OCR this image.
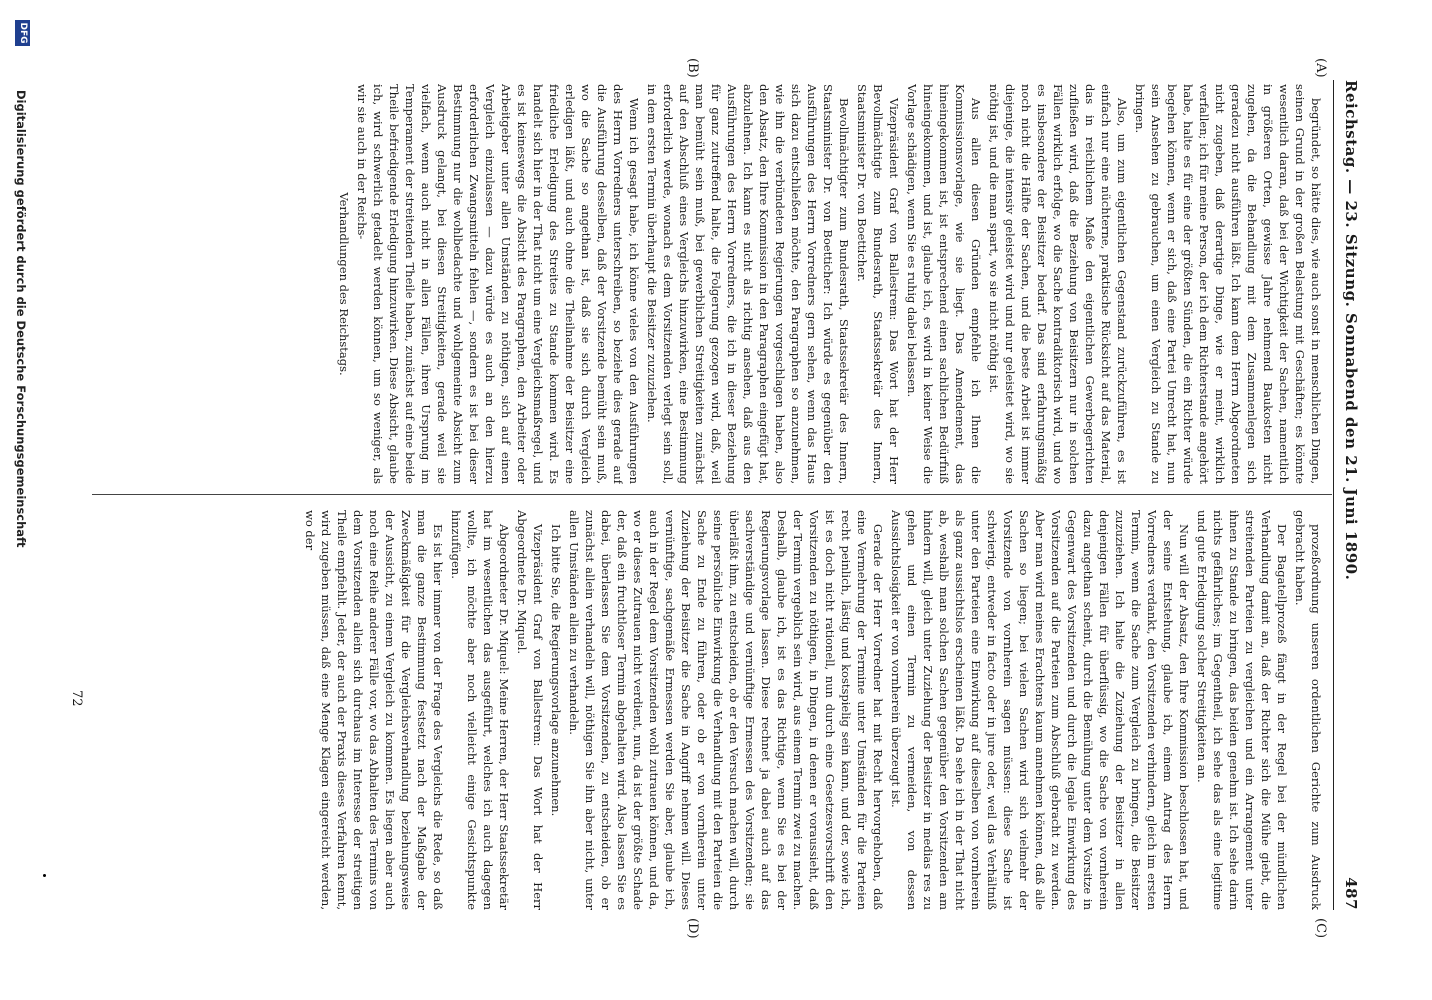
Reichstag. — 23. Sitzung. Sonnabend den 21. Juni 1890.
487
(A)
(B)
(C)
(D)

begründet, so hätte dies, wie auch sonst in menschlichen Dingen, seinen Grund in der großen Belastung mit Geschäften; es könnte wesentlich daran, daß bei der Wichtigkeit der Sachen, namentlich in größeren Orten, gewisse Jahre nehmend Baukosten nicht zugehen, da die Behandlung mit dem Zusammenlegen sich geradezu nicht ausführen läßt. Ich kann dem Herrn Abgeordneten nicht zugeben, daß derartige Dinge, wie er meint, wirklich verfallen; ich für meine Person, der ich dem Richterstande angehört habe, halte es für eine der größten Sünden, die ein Richter würde begehen können, wenn er sich, daß eine Partei Unrecht hat, nun sein Ansehen zu gebrauchen, um einen Vergleich zu Stande zu bringen.

Also, um zum eigentlichen Gegenstand zurückzuführen, es ist einfach nur eine nüchterne, praktische Rücksicht auf das Material, das in reichlichem Maße den eigentlichen Gewerbegerichten zufließen wird, daß die Beziehung von Beisitzern nur in solchen Fällen wirklich erfolge, wo die Sache kontradiktorisch wird, und wo es insbesondere der Beisitzer bedarf. Das sind erfahrungsmäßig noch nicht die Hälfte der Sachen, und die beste Arbeit ist immer diejenige, die intensiv geleistet wird und nur geleistet wird, wo sie nöthig ist, und die man spart, wo sie nicht nöthig ist.

Aus allen diesen Gründen empfehle ich Ihnen die Kommissionsvorlage, wie sie liegt. Das Amendement, das hineingekommen ist, ist entsprechend einen sachlichen Bedürfniß hineingekommen, und ist, glaube ich, es wird in keiner Weise die Vorlage schädigen, wenn Sie es ruhig dabei belassen.

Vizepräsident Graf von Ballestrem: Das Wort hat der Herr Bevollmächtigte zum Bundesrath, Staatssekretär des Innern, Staatsminister Dr. von Boetticher.

Bevollmächtigter zum Bundesrath, Staatssekretär des Innern, Staatsminister Dr. von Boetticher: Ich würde es gegenüber den Ausführungen des Herrn Vorredners gern sehen, wenn das Haus sich dazu entschließen möchte, den Paragraphen so anzunehmen, wie ihn die verbündeten Regierungen vorgeschlagen haben, also den Absatz, den Ihre Kommission in den Paragraphen eingefügt hat, abzulehnen. Ich kann es nicht als richtig ansehen, daß aus den Ausführungen des Herrn Vorredners, die ich in dieser Beziehung für ganz zutreffend halte, die Folgerung gezogen wird, daß, weil man bemüht sein muß, bei gewerblichen Streitigkeiten zunächst auf den Abschluß eines Vergleichs hinzuwirken, eine Bestimmung erforderlich werde, wonach es dem Vorsitzenden verlegt sein soll, in dem ersten Termin überhaupt die Beisitzer zuzuziehen.

Wenn ich gesagt habe, ich könne vieles von den Ausführungen des Herrn Vorredners unterschreiben, so beziehe dies gerade auf die Ausführung desselben, daß der Vorsitzende bemüht sein muß, wo die Sache so angethan ist, daß sie sich durch Vergleich erledigen läßt, und auch ohne die Theilnahme der Beisitzer eine friedliche Erledigung des Streites zu Stande kommen wird. Es handelt sich hier in der That nicht um eine Vergleichsmaßregel, und es ist keineswegs die Absicht des Paragraphen, den Arbeiter oder Arbeitgeber unter allen Umständen zu nöthigen, sich auf einen Vergleich einzulassen — dazu würde es auch an den hierzu erforderlichen Zwangsmitteln fehlen —, sondern es ist bei dieser Bestimmung nur die wohlbedachte und wohlgemeinte Absicht zum Ausdruck gelangt, bei diesen Streitigkeiten, gerade weil sie vielfach, wenn auch nicht in allen Fällen, ihren Ursprung im Temperament der streitenden Theile haben, zunächst auf eine beide Theile befriedigende Erledigung hinzuwirken. Diese Absicht, glaube ich, wird schwerlich getadelt werden können, um so weniger, als wir sie auch in der Reichs-

Verhandlungen des Reichstags.

prozeßordnung unseren ordentlichen Gerichte zum Ausdruck gebracht haben.

Der Bagatellprozeß fängt in der Regel bei der mündlichen Verhandlung damit an, daß der Richter sich die Mühe giebt, die streitenden Parteien zu vergleichen und ein Arrangement unter ihnen zu Stande zu bringen, das beiden genehm ist. Ich sehe darin nichts gefährliches; im Gegentheil, ich sehe das als eine legitime und gute Erledigung solcher Streitigkeiten an.

Nun will der Absatz, den Ihre Kommission beschlossen hat, und der seine Entstehung, glaube ich, einem Antrag des Herrn Vorredners verdankt, den Vorsitzenden verhindern, gleich im ersten Termin, wenn die Sache zum Vergleich zu bringen, die Beisitzer zuzuziehen. Ich halte die Zuziehung der Beisitzer in allen denjenigen Fällen für überflüssig, wo die Sache von vornherein dazu angethan scheint, durch die Bemühung unter dem Vorsitze in Gegenwart des Vorsitzenden und durch die legale Einwirkung des Vorsitzenden auf die Parteien zum Abschluß gebracht zu werden. Aber man wird meines Erachtens kaum annehmen können, daß alle Sachen so liegen; bei vielen Sachen wird sich vielmehr der Vorsitzende von vornherein sagen müssen: diese Sache ist schwierig, entweder in facto oder in jure oder, weil das Verhältniß unter den Parteien eine Einwirkung auf dieselben von vornherein als ganz aussichtslos erscheinen läßt. Da sehe ich in der That nicht ab, weshalb man solchen Sachen gegenüber den Vorsitzenden am hindern will, gleich unter Zuziehung der Beisitzer in medias res zu gehen und einen Termin zu vermeiden, von dessen Aussichtslosigkeit er von vornherein überzeugt ist.

Gerade der Herr Vorredner hat mit Recht hervorgehoben, daß eine Vermehrung der Termine unter Umständen für die Parteien recht peinlich, lästig und kostspielig sein kann, und der, sowie ich, ist es doch nicht rationell, nun durch eine Gesetzesvorschrift den Vorsitzenden zu nöthigen, in Dingen, in denen er voraussieht, daß der Termin vergeblich sein wird, aus einem Termin zwei zu machen. Deshalb, glaube ich, ist es das Richtige, wenn Sie es bei der Regierungsvorlage lassen. Diese rechnet ja dabei auch auf das sachverständige und vernünftige Ermessen des Vorsitzenden; sie überläßt ihm, zu entscheiden, ob er den Versuch machen will, durch seine persönliche Einwirkung die Verhandlung mit den Parteien die Sache zu Ende zu führen, oder ob er von vornherein unter Zuziehung der Beisitzer die Sache in Angriff nehmen will. Dieses vernünftige, sachgemäße Ermessen werden Sie aber, glaube ich, auch in der Regel dem Vorsitzenden wohl zutrauen können, und da, wo er dieses Zutrauen nicht verdient, nun, da ist der größte Schade der, daß ein fruchtloser Termin abgehalten wird. Also lassen Sie es dabei, überlassen Sie dem Vorsitzenden, zu entscheiden, ob er zunächst allein verhandeln will, nöthigen Sie ihn aber nicht, unter allen Umständen allein zu verhandeln.

Ich bitte Sie, die Regierungsvorlage anzunehmen.

Vizepräsident Graf von Ballestrem: Das Wort hat der Herr Abgeordnete Dr. Miquel.

Abgeordneter Dr. Miquel: Meine Herren, der Herr Staatssekretär hat im wesentlichen das ausgeführt, welches ich auch dagegen wollte, ich möchte aber noch vielleicht einige Gesichtspunkte hinzufügen.

Es ist hier immer von der Frage des Vergleichs die Rede, so daß man die ganze Bestimmung festsetzt nach der Maßgabe der Zweckmäßigkeit für die Vergleichsverhandlung beziehungsweise der Aussicht, zu einem Vergleich zu kommen. Es liegen aber auch noch eine Reihe anderer Fälle vor, wo das Abhalten des Termins von dem Vorsitzenden allein sich durchaus im Interesse der streitigen Theile empfiehlt. Jeder, der auch der Praxis dieses Verfahren kennt, wird zugeben müssen, daß eine Menge Klagen eingereicht werden, wo der

72
DFG
Digitalisierung gefördert durch die Deutsche Forschungsgemeinschaft
